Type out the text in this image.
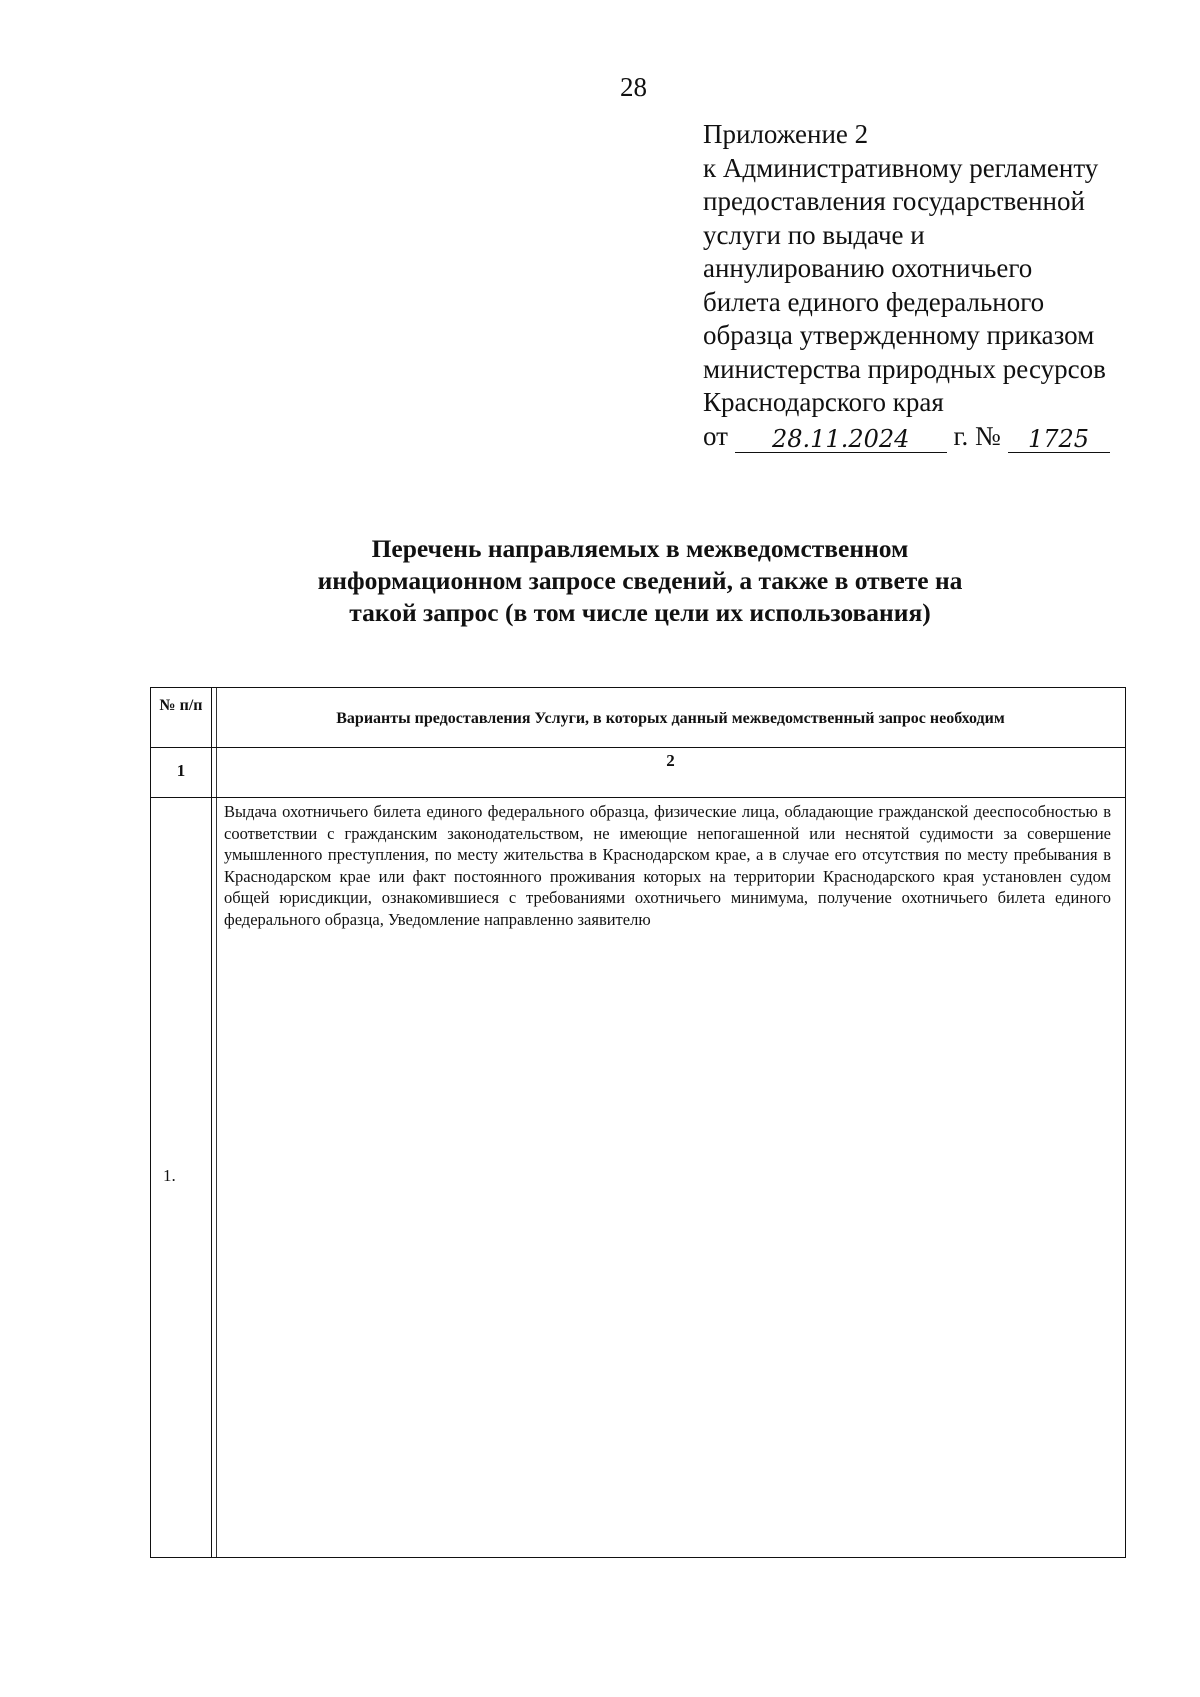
28
Приложение 2
к Административному регламенту
предоставления государственной
услуги по выдаче и
аннулированию охотничьего
билета единого федерального
образца утвержденному приказом
министерства природных ресурсов
Краснодарского края
от 28.11.2024 г. № 1725
Перечень направляемых в межведомственном информационном запросе сведений, а также в ответе на такой запрос (в том числе цели их использования)
№ п/п
Варианты предоставления Услуги, в которых данный межведомственный запрос необходим
1
2
1.
Выдача охотничьего билета единого федерального образца, физические лица, обладающие гражданской дееспособностью в соответствии с гражданским законодательством, не имеющие непогашенной или неснятой судимости за совершение умышленного преступления, по месту жительства в Краснодарском крае, а в случае его отсутствия по месту пребывания в Краснодарском крае или факт постоянного проживания которых на территории Краснодарского края установлен судом общей юрисдикции, ознакомившиеся с требованиями охотничьего минимума, получение охотничьего билета единого федерального образца, Уведомление направленно заявителю
